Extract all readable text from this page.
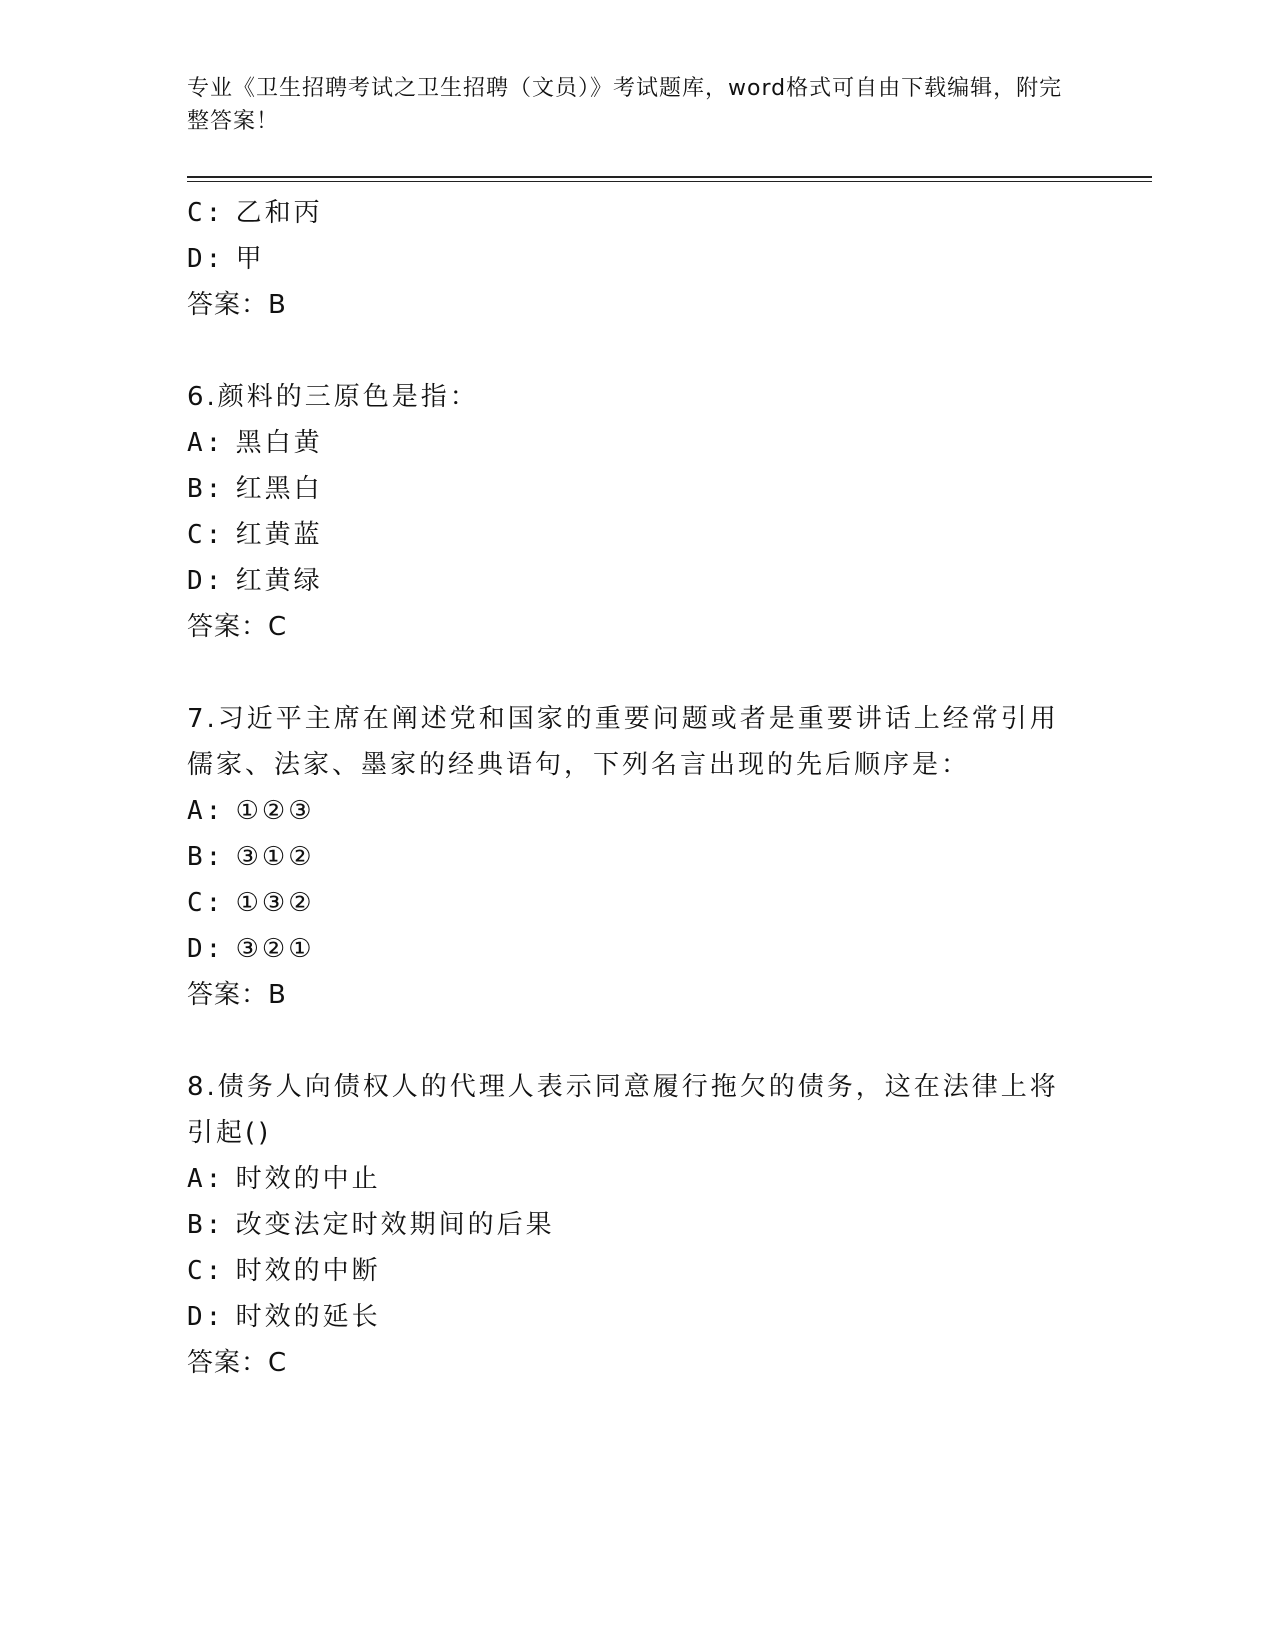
专业《卫生招聘考试之卫生招聘（文员）》考试题库，word格式可自由下载编辑，附完整答案！
C: 乙和丙
D: 甲
答案：B
6.颜料的三原色是指：
A: 黑白黄
B: 红黑白
C: 红黄蓝
D: 红黄绿
答案：C
7.习近平主席在阐述党和国家的重要问题或者是重要讲话上经常引用儒家、法家、墨家的经典语句，下列名言出现的先后顺序是：
A: ①②③
B: ③①②
C: ①③②
D: ③②①
答案：B
8.债务人向债权人的代理人表示同意履行拖欠的债务，这在法律上将引起()
A: 时效的中止
B: 改变法定时效期间的后果
C: 时效的中断
D: 时效的延长
答案：C
